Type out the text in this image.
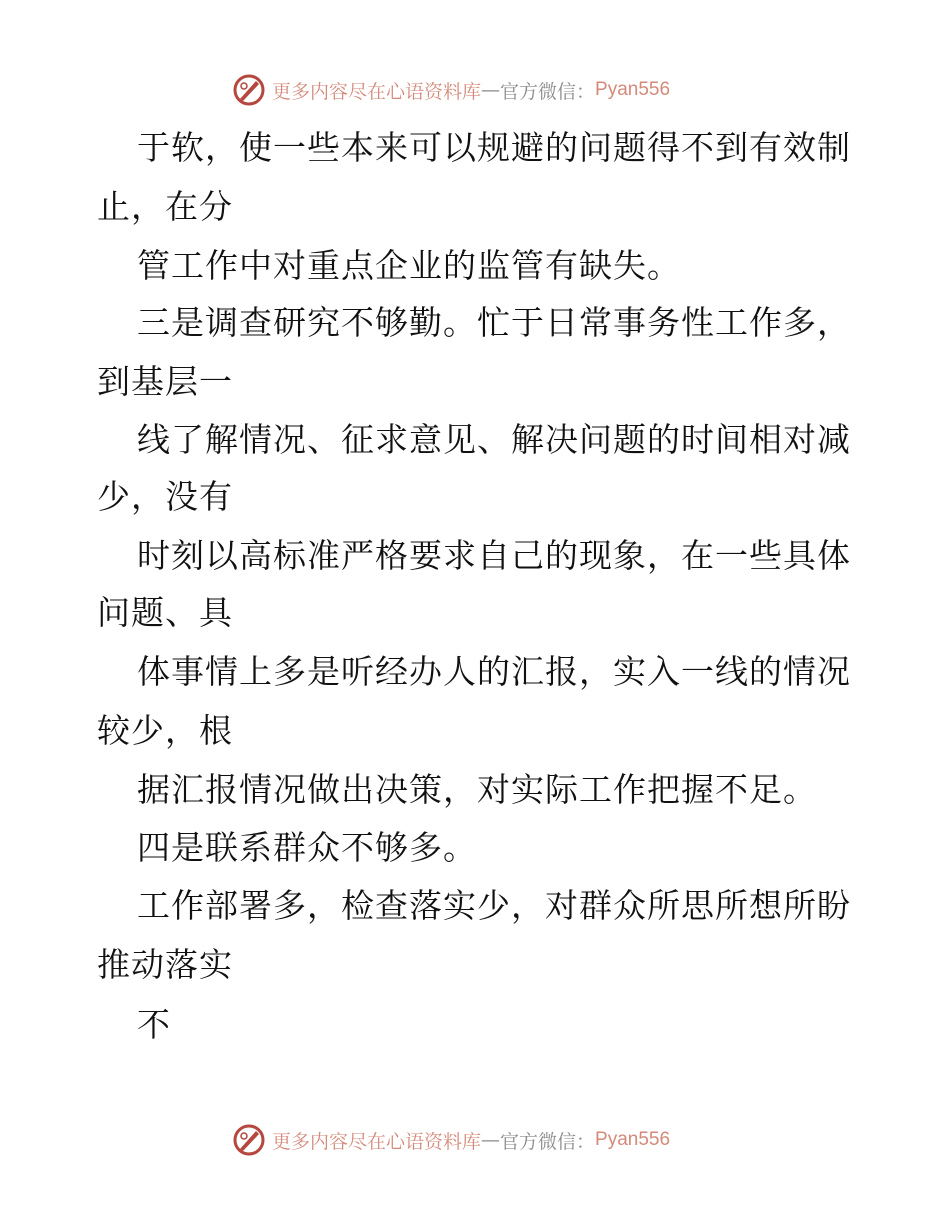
更多内容尽在心语资料库 — 官方微信： Pyan556
于软，使一些本来可以规避的问题得不到有效制
止，在分
管工作中对重点企业的监管有缺失。
三是调查研究不够勤。忙于日常事务性工作多，
到基层一
线了解情况、征求意见、解决问题的时间相对减
少，没有
时刻以高标准严格要求自己的现象，在一些具体
问题、具
体事情上多是听经办人的汇报，实入一线的情况
较少，根
据汇报情况做出决策，对实际工作把握不足。
四是联系群众不够多。
工作部署多，检查落实少，对群众所思所想所盼
推动落实
不
更多内容尽在心语资料库 — 官方微信： Pyan556
